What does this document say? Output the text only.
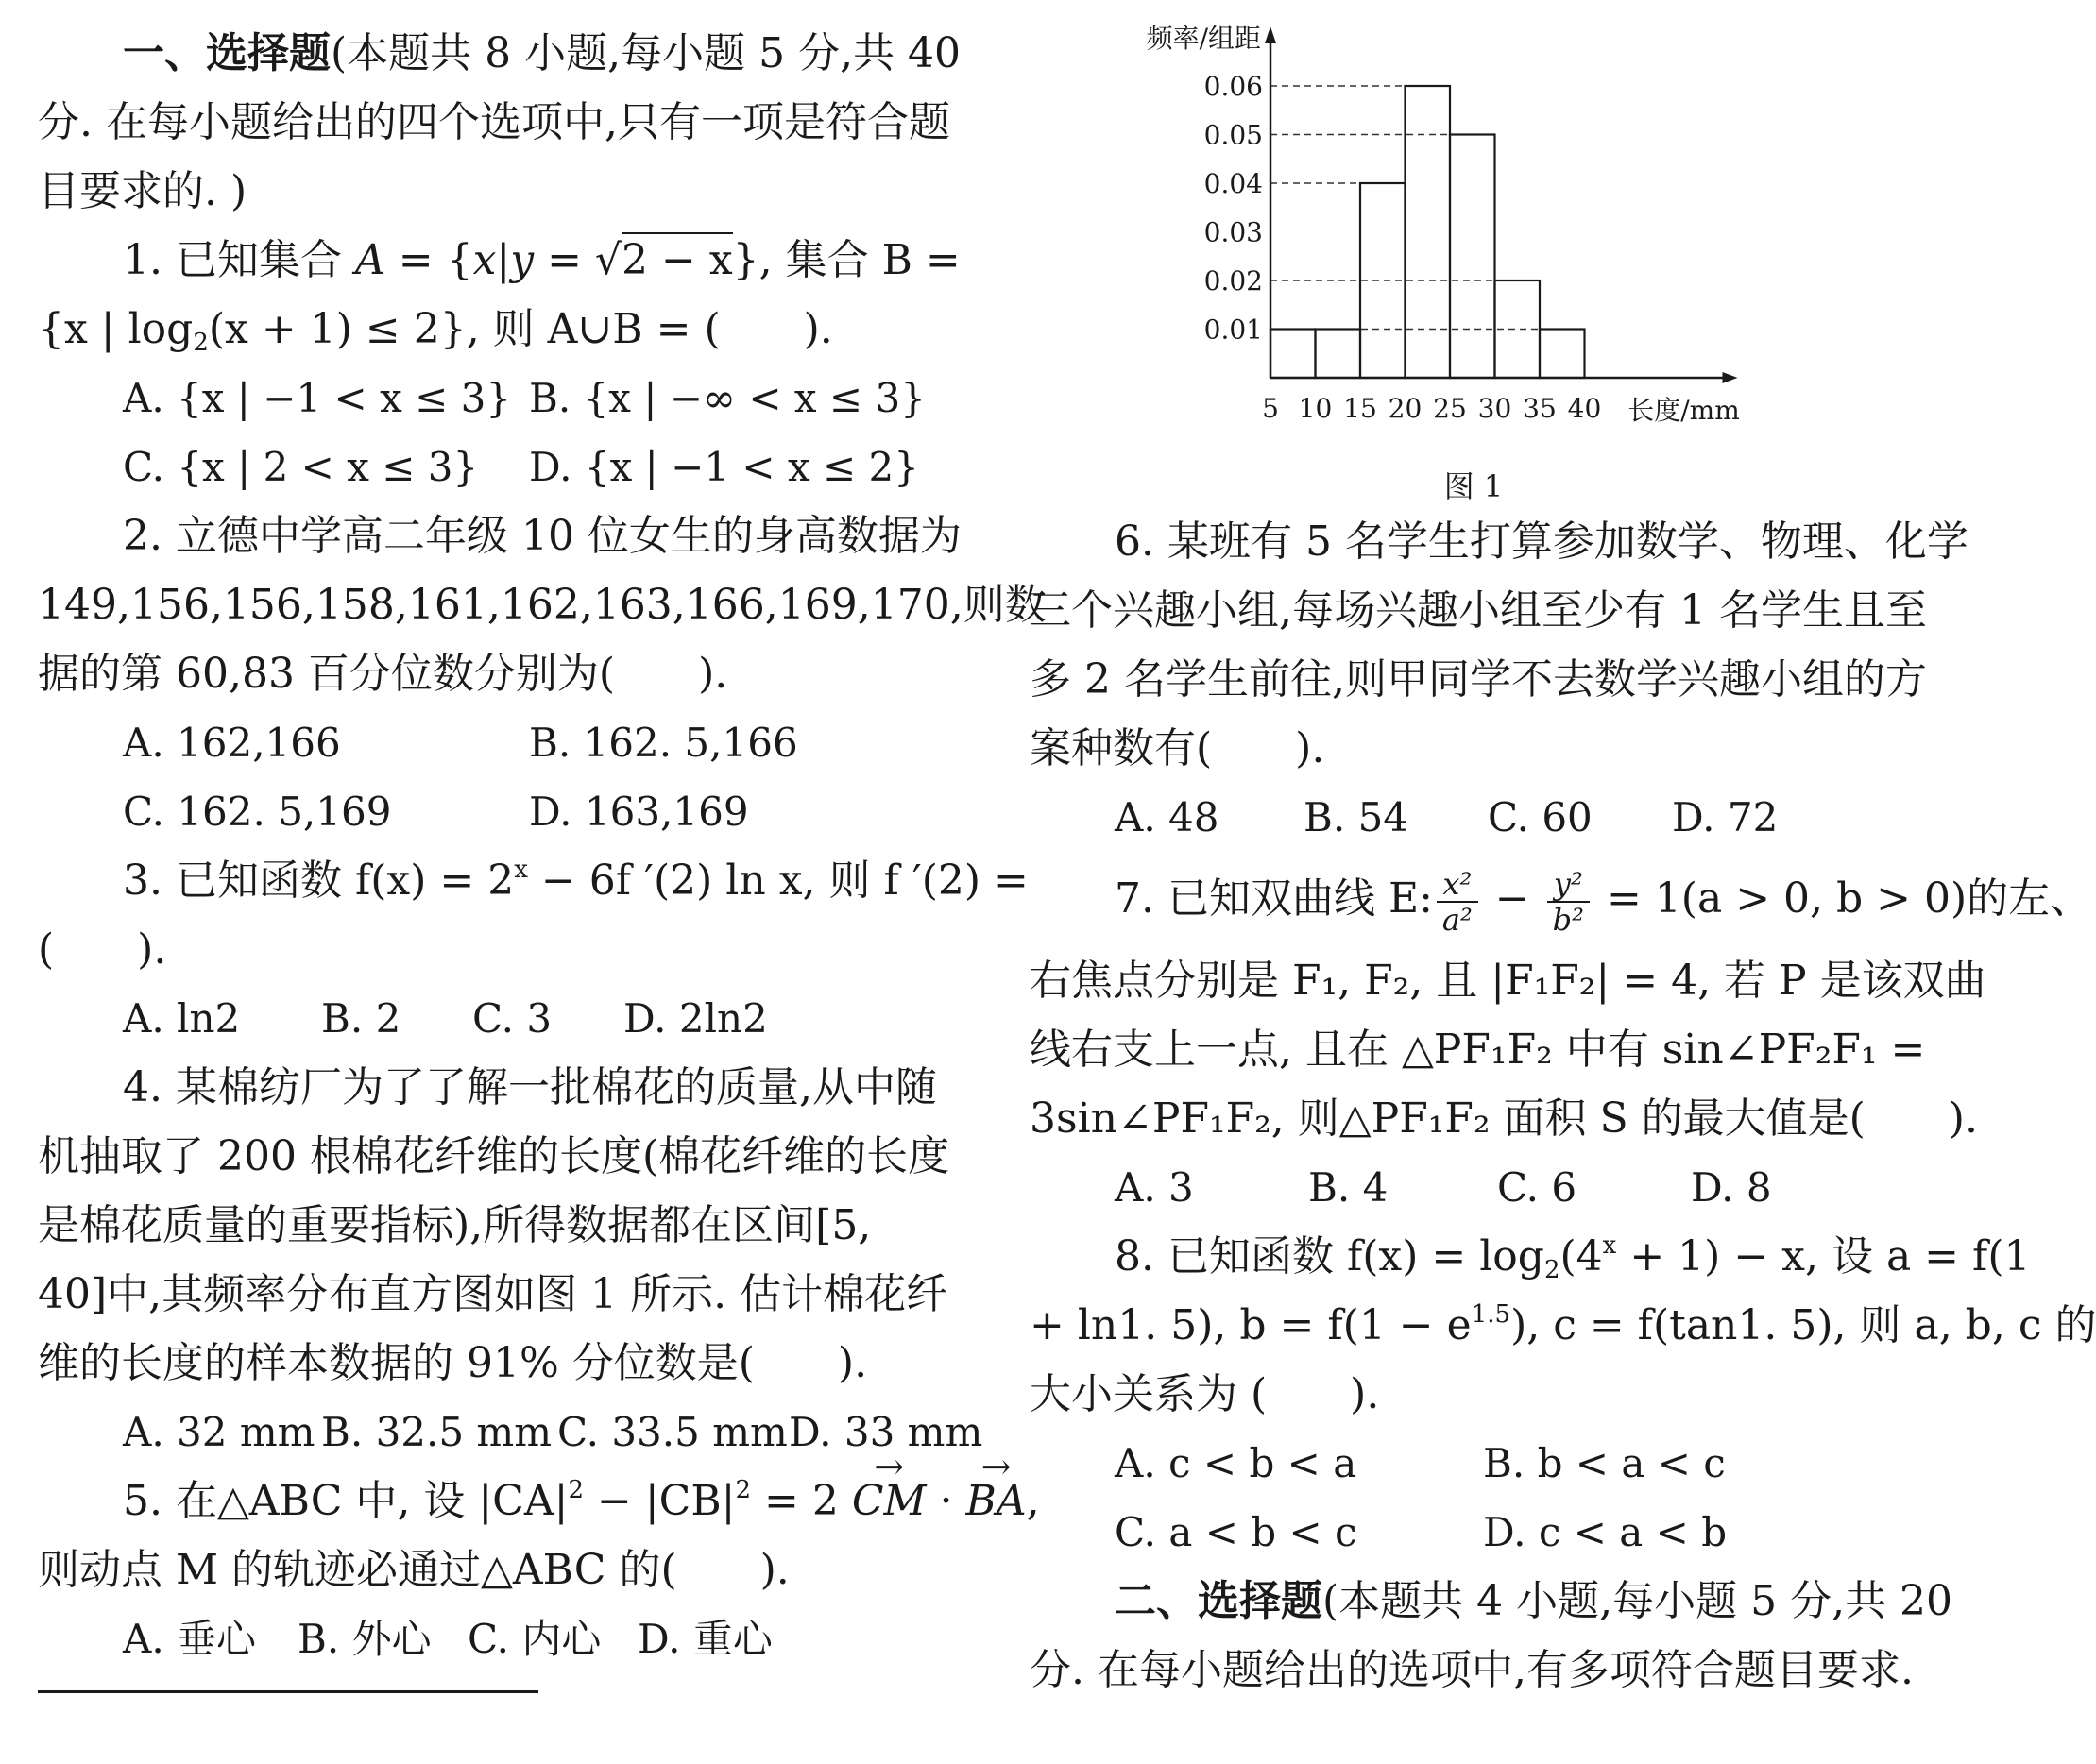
一、选择题(本题共 8 小题,每小题 5 分,共 40
分. 在每小题给出的四个选项中,只有一项是符合题
目要求的. )
1. 已知集合 A = {x|y = √2 − x}, 集合 B =
{x | $\log_2(x + 1) \le 2$}, 则 A∪B = (　　).
A. {x | −1 < x ≤ 3} B. {x | −∞ < x ≤ 3}
C. {x | 2 < x ≤ 3} D. {x | −1 < x ≤ 2}
2. 立德中学高二年级 10 位女生的身高数据为
149,156,156,158,161,162,163,166,169,170,则数
据的第 60,83 百分位数分别为(　　).
A. 162,166	B. 162. 5,166
C. 162. 5,169	D. 163,169
3. 已知函数 $f(x) = 2^x - 6f$ ′(2) ln x, 则 f ′(2) =
(　　).
A. ln2 B. 2 C. 3 D. 2ln2
4. 某棉纺厂为了了解一批棉花的质量,从中随
机抽取了 200 根棉花纤维的长度(棉花纤维的长度
是棉花质量的重要指标),所得数据都在区间[5,
40]中,其频率分布直方图如图 1 所示. 估计棉花纤
维的长度的样本数据的 91% 分位数是(　　).
A. 32 mm B. 32.5 mm C. 33.5 mm D. 33 mm
5. 在△ABC 中, 设 $|CA|^2 - |CB|^2 = 2$ → CM · → BA,
则动点 M 的轨迹必通过△ABC 的(　　).
A. 垂心 B. 外心 C. 内心 D. 重心
0.01
0.02
0.03
0.04
0.05
0.06
5 10 15 20 25 30 35 40
频率/组距
长度/mm
图 1
6. 某班有 5 名学生打算参加数学、物理、化学
三个兴趣小组,每场兴趣小组至少有 1 名学生且至
多 2 名学生前往,则甲同学不去数学兴趣小组的方
案种数有(　　).
A. 48 B. 54 C. 60 D. 72
7. 已知双曲线 E: $\frac{\text{x²}}{\text{a²}} - \frac{\text{y²}}{\text{b²}} = 1(a > 0$, b > 0)的左、
右焦点分别是 F₁, F₂, 且 |F₁F₂| = 4, 若 P 是该双曲
线右支上一点, 且在 △PF₁F₂ 中有 sin∠PF₂F₁ =
3sin∠PF₁F₂, 则△PF₁F₂ 面积 S 的最大值是(　　).
A. 3	B. 4	C. 6	D. 8
8. 已知函数 $f(x) = \log_2(4^x + 1) - x$, 设 a = f(1
+ ln1. 5), $b = f(1 - e^{1.5})$, c = f(tan1. 5), 则 a, b, c 的
大小关系为 (　　).
A. c < b < a	B. b < a < c
C. a < b < c	D. c < a < b
二、选择题(本题共 4 小题,每小题 5 分,共 20
分. 在每小题给出的选项中,有多项符合题目要求.
